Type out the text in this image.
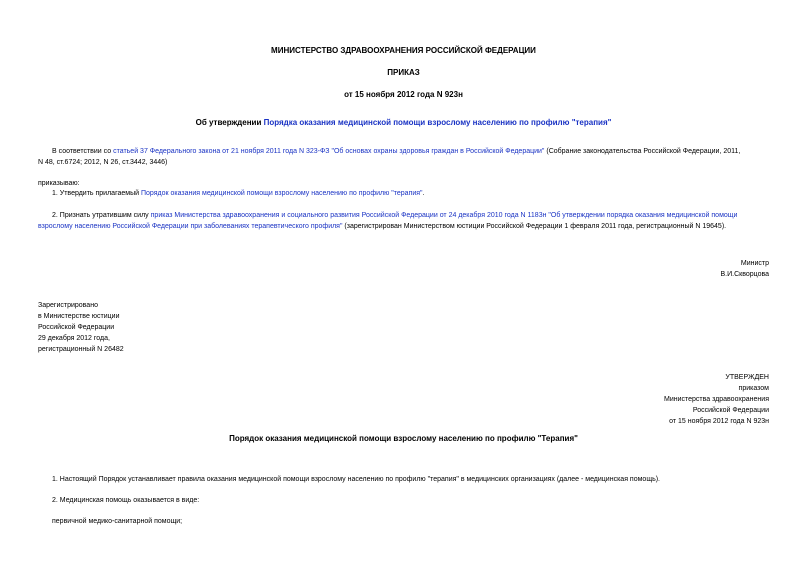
МИНИСТЕРСТВО ЗДРАВООХРАНЕНИЯ РОССИЙСКОЙ ФЕДЕРАЦИИ
ПРИКАЗ
от 15 ноября 2012 года N 923н
Об утверждении Порядка оказания медицинской помощи взрослому населению по профилю "терапия"
В соответствии со статьей 37 Федерального закона от 21 ноября 2011 года N 323-ФЗ "Об основах охраны здоровья граждан в Российской Федерации" (Собрание законодательства Российской Федерации, 2011,
N 48, ст.6724; 2012, N 26, ст.3442, 3446)
приказываю:
1. Утвердить прилагаемый Порядок оказания медицинской помощи взрослому населению по профилю "терапия".
2. Признать утратившим силу приказ Министерства здравоохранения и социального развития Российской Федерации от 24 декабря 2010 года N 1183н "Об утверждении порядка оказания медицинской помощи
взрослому населению Российской Федерации при заболеваниях терапевтического профиля" (зарегистрирован Министерством юстиции Российской Федерации 1 февраля 2011 года, регистрационный N 19645).
Министр
В.И.Скворцова
Зарегистрировано
в Министерстве юстиции
Российской Федерации
29 декабря 2012 года,
регистрационный N 26482
УТВЕРЖДЕН
приказом
Министерства здравоохранения
Российской Федерации
от 15 ноября 2012 года N 923н
Порядок оказания медицинской помощи взрослому населению по профилю "Терапия"
1. Настоящий Порядок устанавливает правила оказания медицинской помощи взрослому населению по профилю "терапия" в медицинских организациях (далее - медицинская помощь).
2. Медицинская помощь оказывается в виде:
первичной медико-санитарной помощи;
